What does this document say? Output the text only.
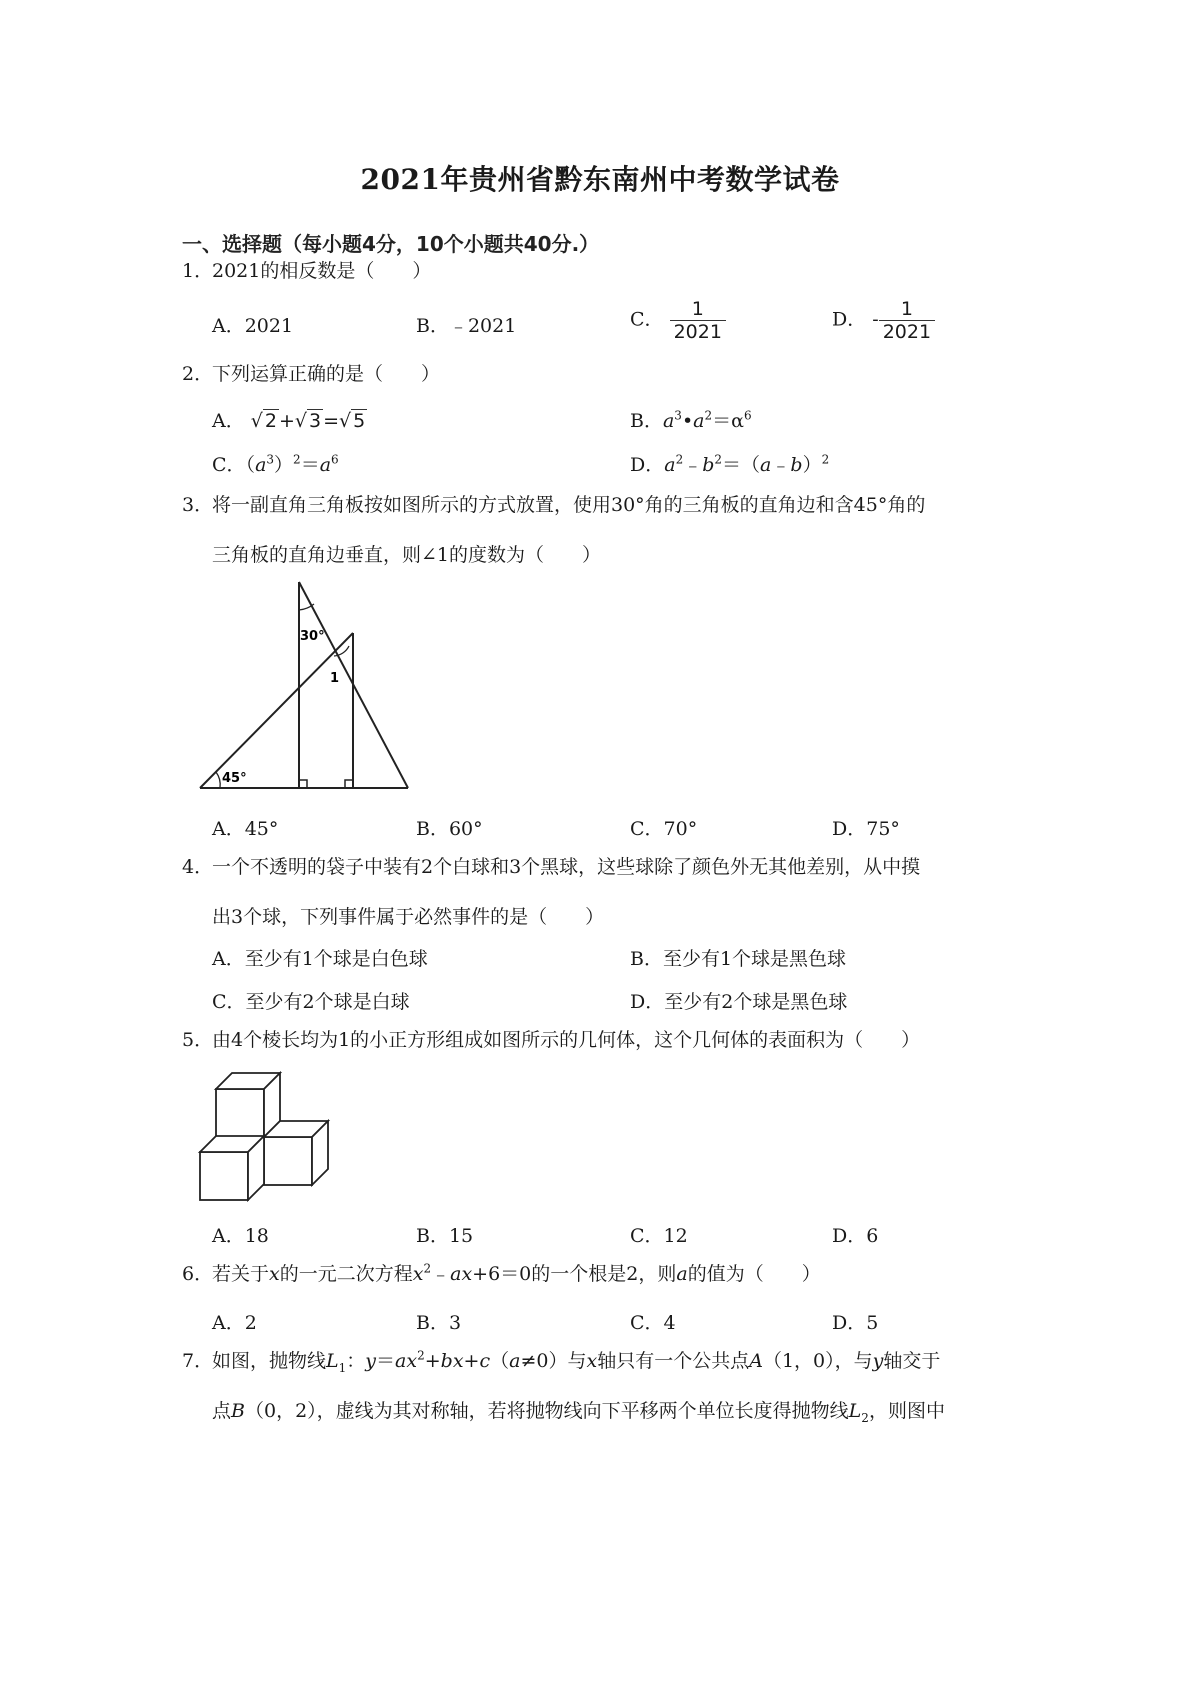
2021年贵州省黔东南州中考数学试卷
一、选择题（每小题4分，10个小题共40分.）
1．2021的相反数是（　　）
A．2021	B．﹣2021	C． $\frac{1}{2021}$	D． - $\frac{1}{2021}$
2．下列运算正确的是（　　）
A． √ 2 +√ 3 =√ 5	B．$a^3•a^2=\alpha^6$
C．$(a^3)^2=a^6$	D．$a^2﹣b^2=(a﹣b)^2$
3．将一副直角三角板按如图所示的方式放置，使用30°角的三角板的直角边和含45°角的
三角板的直角边垂直，则∠1的度数为（　　）
30°
1
45°
A．45°	B．60°	C．70°	D．75°
4．一个不透明的袋子中装有2个白球和3个黑球，这些球除了颜色外无其他差别，从中摸
出3个球，下列事件属于必然事件的是（　　）
A．至少有1个球是白色球	B．至少有1个球是黑色球
C．至少有2个球是白球	D．至少有2个球是黑色球
5．由4个棱长均为1的小正方形组成如图所示的几何体，这个几何体的表面积为（　　）
A．18	B．15	C．12	D．6
6．若关于x的一元二次方程$x^2﹣ax+6=0$的一个根是2，则a的值为（　　）
A．2	B．3	C．4	D．5
7．如图，抛物线$L_1$：$y=ax^2+bx+c(a\ne 0)$与x轴只有一个公共点A（1，0），与y轴交于
点B（0，2），虚线为其对称轴，若将抛物线向下平移两个单位长度得抛物线$L_2$，则图中
